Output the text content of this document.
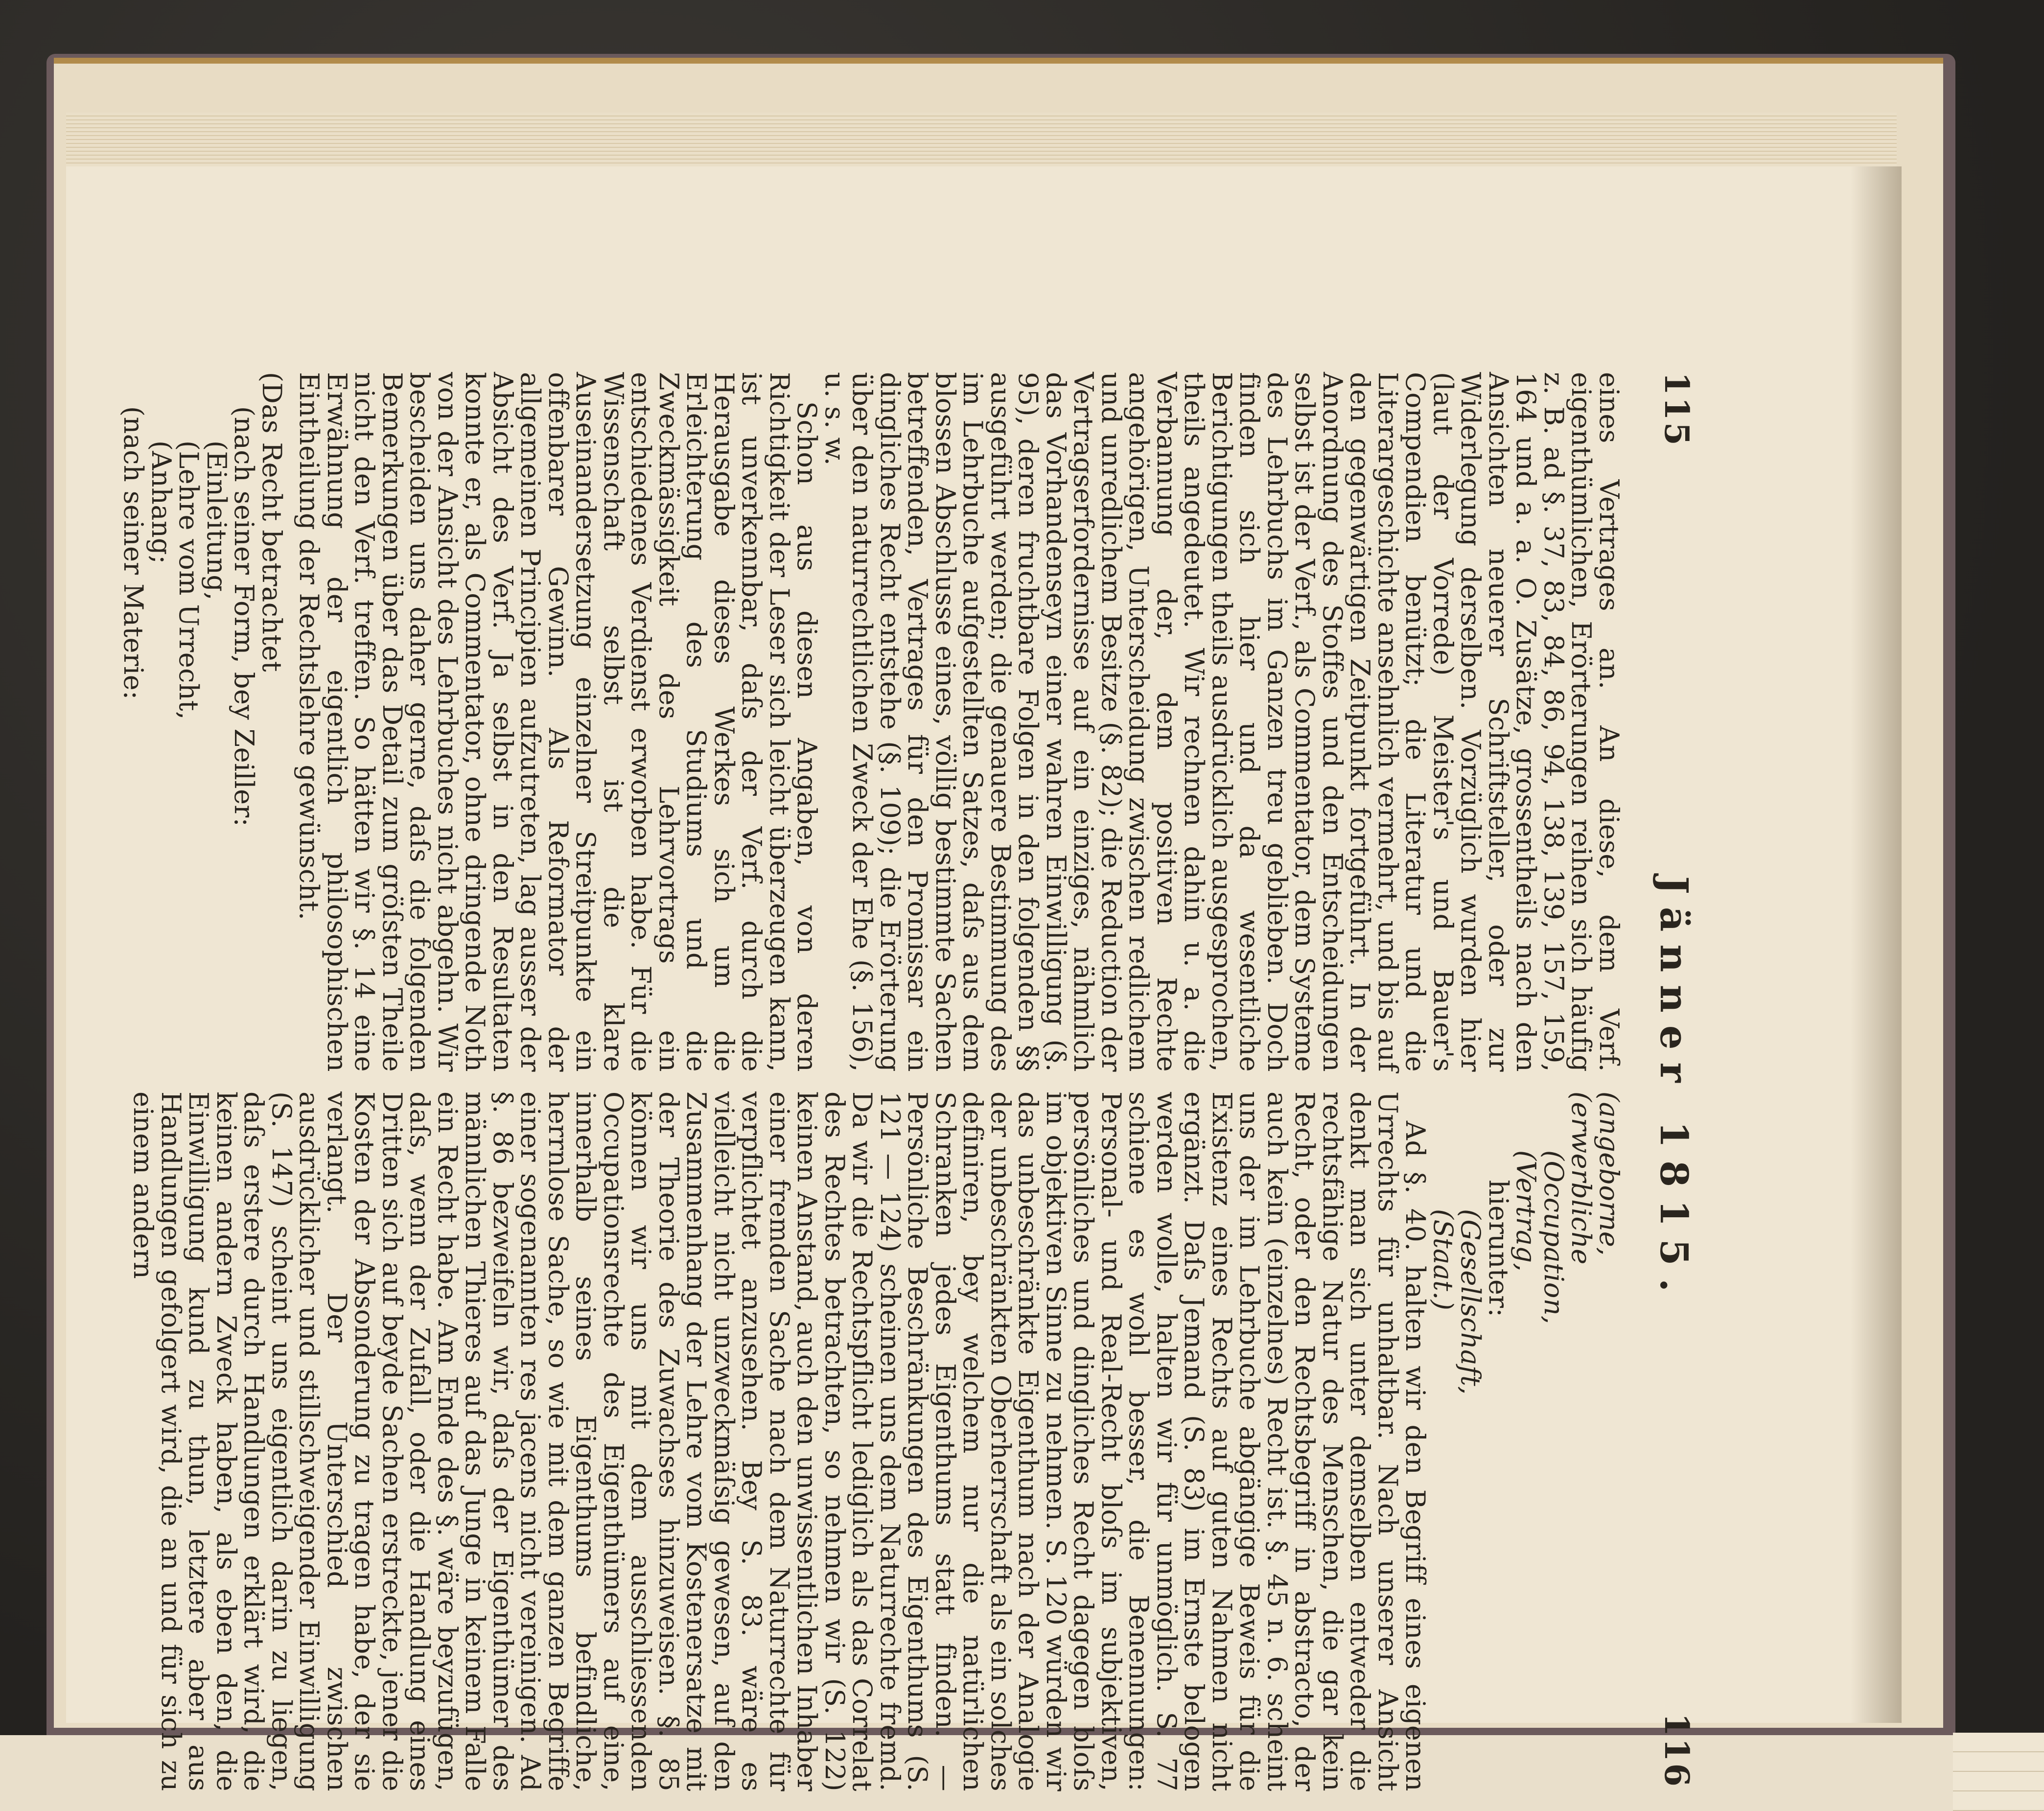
115
Jänner 1815.
116

eines Vertrages an. An diese, dem Verf. eigenthümlichen, Erörterungen reihen sich häufig z. B. ad §. 37, 83, 84, 86, 94, 138, 139, 157, 159, 164 und a. a. O. Zusätze, grossentheils nach den Ansichten neuerer Schriftsteller, oder zur Widerlegung derselben. Vorzüglich wurden hier (laut der Vorrede) Meister's und Bauer's Compendien benützt; die Literatur und die Literargeschichte ansehnlich vermehrt, und bis auf den gegenwärtigen Zeitpunkt fortgeführt. In der Anordnung des Stoffes und den Entscheidungen selbst ist der Verf., als Commentator, dem Systeme des Lehrbuchs im Ganzen treu geblieben. Doch finden sich hier und da wesentliche Berichtigungen theils ausdrücklich ausgesprochen, theils angedeutet. Wir rechnen dahin u. a. die Verbannung der, dem positiven Rechte angehörigen, Unterscheidung zwischen redlichem und unredlichem Besitze (§. 82); die Reduction der Vertragserfordernisse auf ein einziges, nähmlich das Vorhandenseyn einer wahren Einwilligung (§. 95), deren fruchtbare Folgen in den folgenden §§ ausgeführt werden; die genauere Bestimmung des im Lehrbuche aufgestellten Satzes, daſs aus dem blossen Abschlusse eines, völlig bestimmte Sachen betreffenden, Vertrages für den Promissar ein dingliches Recht entstehe (§. 109); die Erörterung über den naturrechtlichen Zweck der Ehe (§. 156), u. s. w.

Schon aus diesen Angaben, von deren Richtigkeit der Leser sich leicht überzeugen kann, ist unverkennbar, daſs der Verf. durch die Herausgabe dieses Werkes sich um die Erleichterung des Studiums und die Zweckmässigkeit des Lehrvortrags ein entschiedenes Verdienst erworben habe. Für die Wissenschaft selbst ist die klare Auseinandersetzung einzelner Streitpunkte ein offenbarer Gewinn. Als Reformator der allgemeinen Principien aufzutreten, lag ausser der Absicht des Verf. Ja selbst in den Resultaten konnte er, als Commentator, ohne dringende Noth von der Ansicht des Lehrbuches nicht abgehn. Wir bescheiden uns daher gerne, daſs die folgenden Bemerkungen über das Detail zum gröſsten Theile nicht den Verf. treffen. So hätten wir §. 14 eine Erwähnung der eigentlich philosophischen Eintheilung der Rechtslehre gewünscht.

(Das Recht betrachtet
(nach seiner Form, bey Zeiller:
(Einleitung,
(Lehre vom Urrecht,
(Anhang;
(nach seiner Materie:
(angeborne,
(erwerbliche
(Occupation,
(Vertrag,
hierunter:
(Gesellschaft,
(Staat.)

Ad §. 40. halten wir den Begriff eines eigenen Urrechts für unhaltbar. Nach unserer Ansicht denkt man sich unter demselben entweder die rechtsfähige Natur des Menschen, die gar kein Recht, oder den Rechtsbegriff in abstracto, der auch kein (einzelnes) Recht ist. §. 45 n. 6. scheint uns der im Lehrbuche abgängige Beweis für die Existenz eines Rechts auf guten Nahmen nicht ergänzt. Daſs Jemand (S. 83) im Ernste belogen werden wolle, halten wir für unmöglich. S. 77 schiene es wohl besser, die Benennungen: Personal- und Real-Recht bloſs im subjektiven, persönliches und dingliches Recht dagegen bloſs im objektiven Sinne zu nehmen. S. 120 würden wir das unbeschränkte Eigenthum nach der Analogie der unbeschränkten Oberherrschaft als ein solches definiren, bey welchem nur die natürlichen Schranken jedes Eigenthums statt finden. — Persönliche Beschränkungen des Eigenthums (S. 121 — 124) scheinen uns dem Naturrechte fremd. Da wir die Rechtspflicht lediglich als das Correlat des Rechtes betrachten, so nehmen wir (S. 122) keinen Anstand, auch den unwissentlichen Inhaber einer fremden Sache nach dem Naturrechte für verpflichtet anzusehen. Bey S. 83. wäre es vielleicht nicht unzweckmäſsig gewesen, auf den Zusammenhang der Lehre vom Kostenersatze mit der Theorie des Zuwachses hinzuweisen. §. 85 können wir uns mit dem ausschliessenden Occupationsrechte des Eigenthümers auf eine, innerhalb seines Eigenthums befindliche, herrnlose Sache, so wie mit dem ganzen Begriffe einer sogenannten res jacens nicht vereinigen. Ad §. 86 bezweifeln wir, daſs der Eigenthümer des männlichen Thieres auf das Junge in keinem Falle ein Recht habe. Am Ende des §. wäre beyzufügen, daſs, wenn der Zufall, oder die Handlung eines Dritten sich auf beyde Sachen erstreckte, jener die Kosten der Absonderung zu tragen habe, der sie verlangt. Der Unterschied zwischen ausdrücklicher und stillschweigender Einwilligung (S. 147) scheint uns eigentlich darin zu liegen, daſs erstere durch Handlungen erklärt wird, die keinen andern Zweck haben, als eben den, die Einwilligung kund zu thun, letztere aber aus Handlungen gefolgert wird, die an und für sich zu einem andern
